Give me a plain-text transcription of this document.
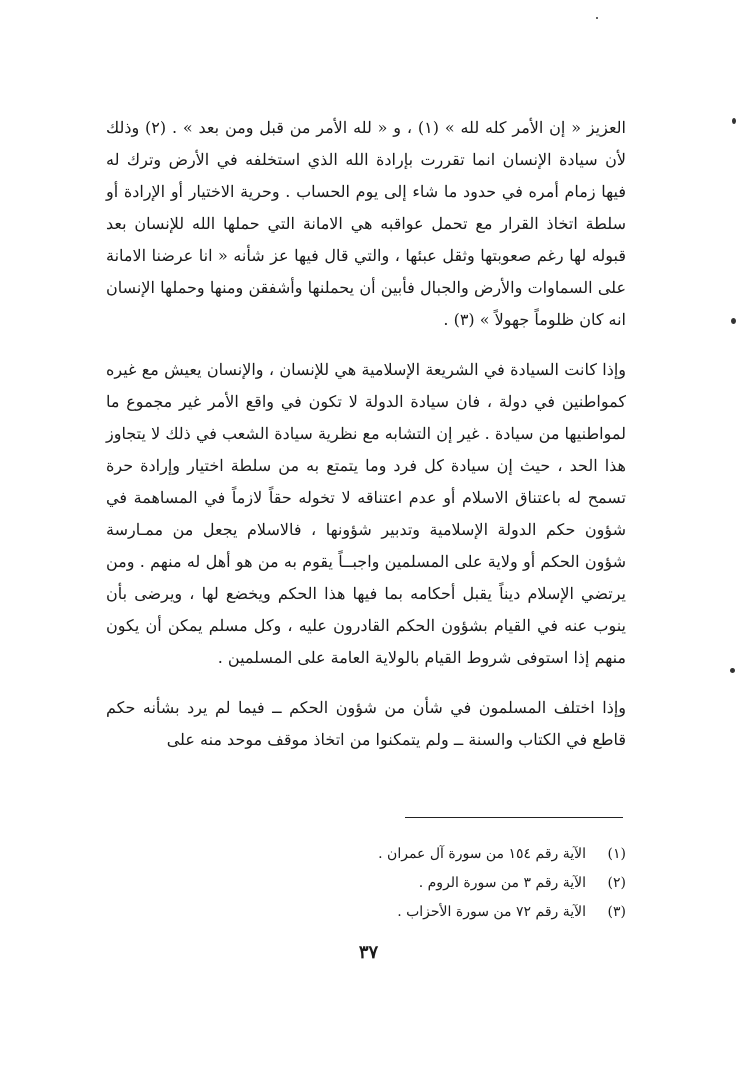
العزيز « إن الأمر كله لله » (١) ، و « لله الأمر من قبل ومن بعد » . (٢) وذلك لأن سيادة الإنسان انما تقررت بإرادة الله الذي استخلفه في الأرض وترك له فيها زمام أمره في حدود ما شاء إلى يوم الحساب . وحرية الاختيار أو الإرادة أو سلطة اتخاذ القرار مع تحمل عواقبه هي الامانة التي حملها الله للإنسان بعد قبوله لها رغم صعوبتها وثقل عبئها ، والتي قال فيها عز شأنه « انا عرضنا الامانة على السماوات والأرض والجبال فأبين أن يحملنها وأشفقن ومنها وحملها الإنسان انه كان ظلوماً جهولاً » (٣) .

وإذا كانت السيادة في الشريعة الإسلامية هي للإنسان ، والإنسان يعيش مع غيره كمواطنين في دولة ، فان سيادة الدولة لا تكون في واقع الأمر غير مجموع ما لمواطنيها من سيادة . غير إن التشابه مع نظرية سيادة الشعب في ذلك لا يتجاوز هذا الحد ، حيث إن سيادة كل فرد وما يتمتع به من سلطة اختيار وإرادة حرة تسمح له باعتناق الاسلام أو عدم اعتناقه لا تخوله حقاً لازماً في المساهمة في شؤون حكم الدولة الإسلامية وتدبير شؤونها ، فالاسلام يجعل من ممـارسة شؤون الحكم أو ولاية على المسلمين واجبــاً يقوم به من هو أهل له منهم . ومن يرتضي الإسلام ديناً يقبل أحكامه بما فيها هذا الحكم ويخضع لها ، ويرضى بأن ينوب عنه في القيام بشؤون الحكم القادرون عليه ، وكل مسلم يمكن أن يكون منهم إذا استوفى شروط القيام بالولاية العامة على المسلمين .

وإذا اختلف المسلمون في شأن من شؤون الحكم ــ فيما لم يرد بشأنه حكم قاطع في الكتاب والسنة ــ ولم يتمكنوا من اتخاذ موقف موحد منه على

(١)الآية رقم ١٥٤ من سورة آل عمران .
(٢)الآية رقم ٣ من سورة الروم .
(٣)الآية رقم ٧٢ من سورة الأحزاب .
٣٧
